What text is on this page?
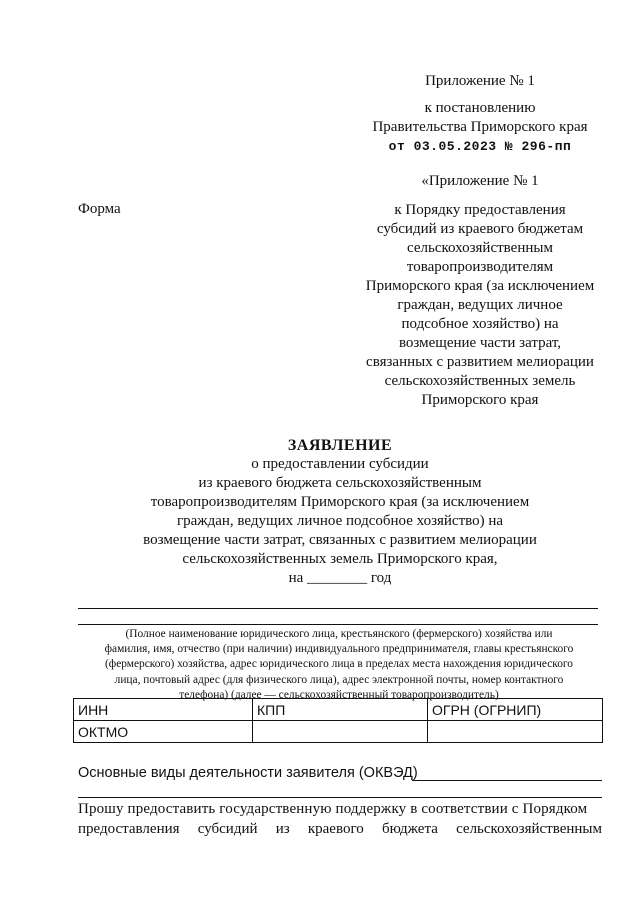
Приложение № 1
к постановлению
Правительства Приморского края
от 03.05.2023 № 296-пп
Форма
«Приложение № 1
к Порядку предоставления
субсидий из краевого бюджетам
сельскохозяйственным
товаропроизводителям
Приморского края (за исключением
граждан, ведущих личное
подсобное хозяйство) на
возмещение части затрат,
связанных с развитием мелиорации
сельскохозяйственных земель
Приморского края
ЗАЯВЛЕНИЕ
о предоставлении субсидии
из краевого бюджета сельскохозяйственным
товаропроизводителям Приморского края (за исключением
граждан, ведущих личное подсобное хозяйство) на
возмещение части затрат, связанных с развитием мелиорации
сельскохозяйственных земель Приморского края,
на ________ год
(Полное наименование юридического лица, крестьянского (фермерского) хозяйства или
фамилия, имя, отчество (при наличии) индивидуального предпринимателя, главы крестьянского
(фермерского) хозяйства, адрес юридического лица в пределах места нахождения юридического
лица, почтовый адрес (для физического лица), адрес электронной почты, номер контактного
телефона) (далее — сельскохозяйственный товаропроизводитель)
ИНН	КПП	ОГРН (ОГРНИП)
ОКТМО		
Основные виды деятельности заявителя (ОКВЭД)
Прошу предоставить государственную поддержку в соответствии с Порядком
предоставления субсидий из краевого бюджета сельскохозяйственным
